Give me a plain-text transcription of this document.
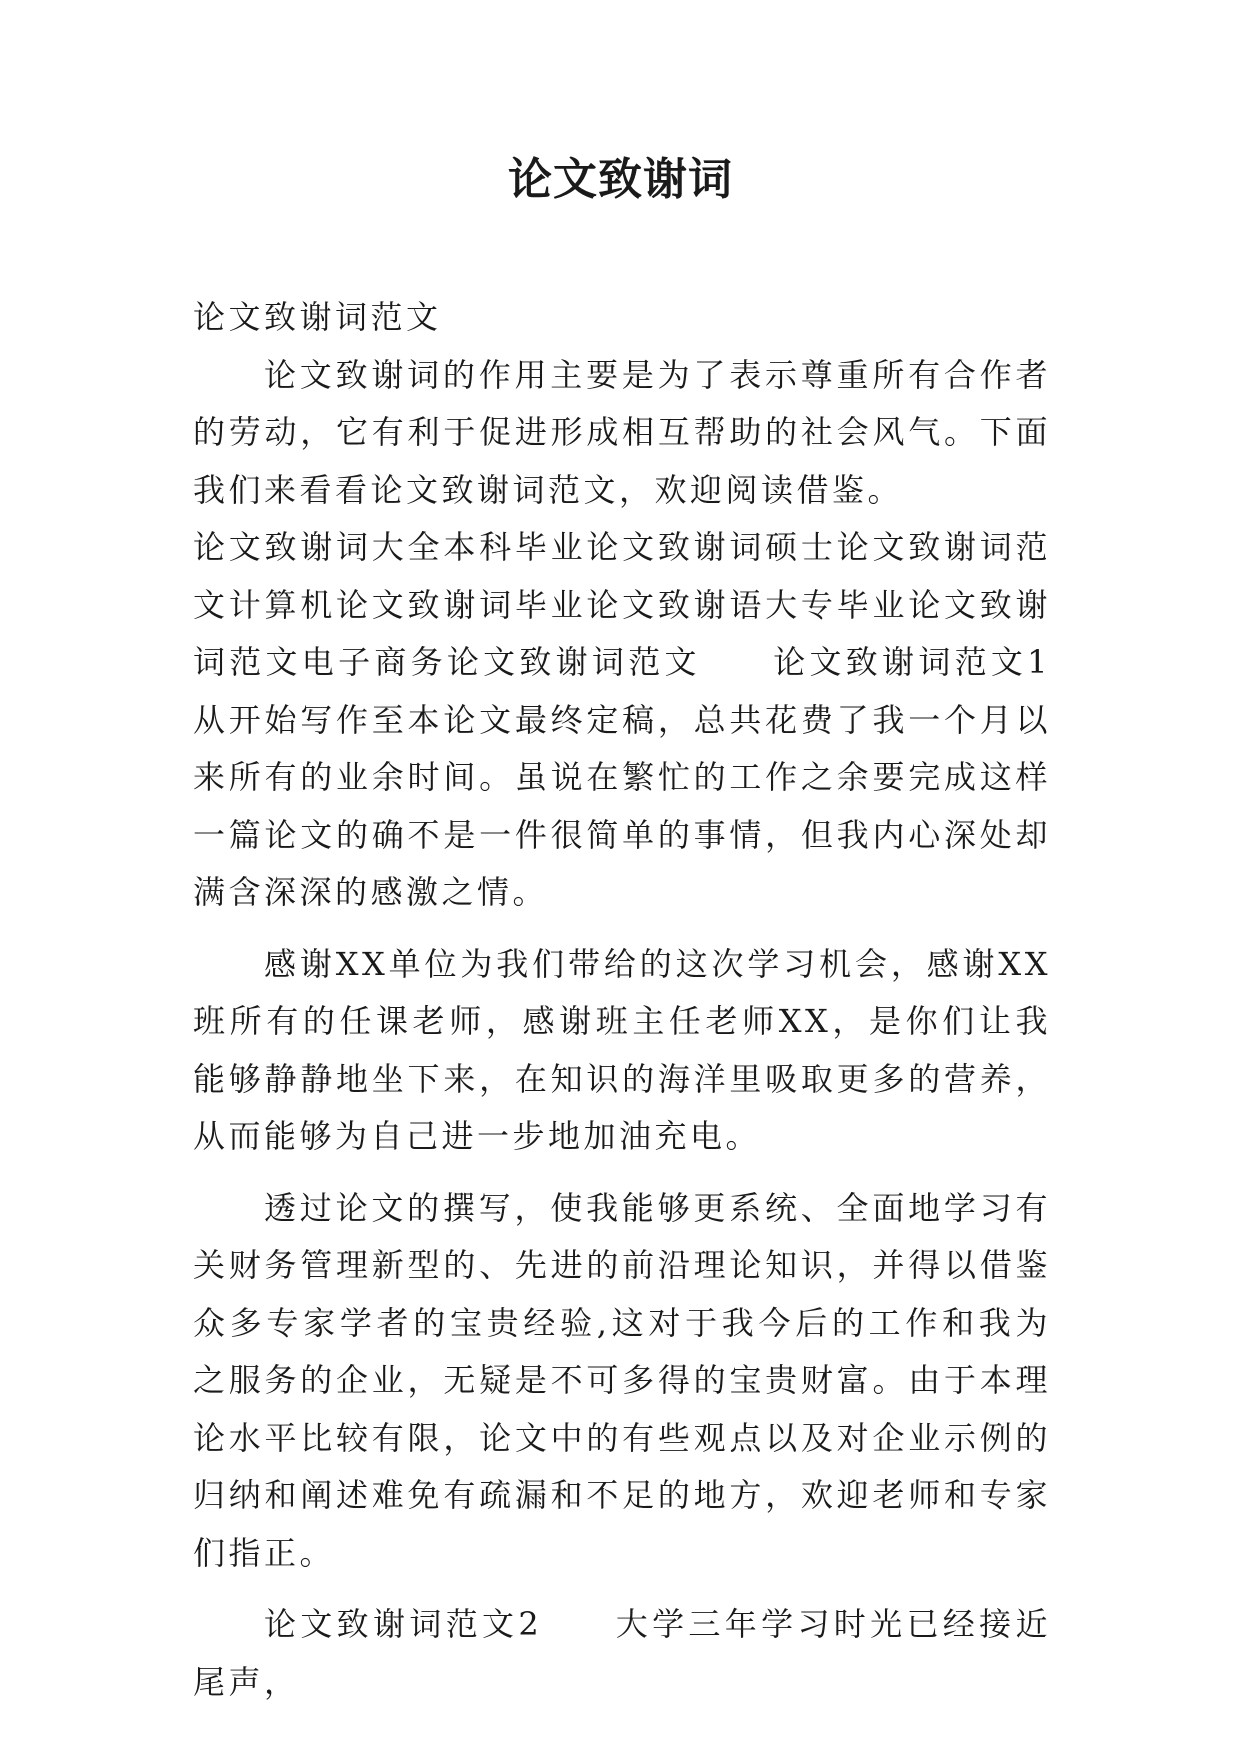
论文致谢词

论文致谢词范文

论文致谢词的作用主要是为了表示尊重所有合作者的劳动，它有利于促进形成相互帮助的社会风气。下面我们来看看论文致谢词范文，欢迎阅读借鉴。

论文致谢词大全本科毕业论文致谢词硕士论文致谢词范文计算机论文致谢词毕业论文致谢语大专毕业论文致谢词范文电子商务论文致谢词范文　　论文致谢词范文1　　从开始写作至本论文最终定稿，总共花费了我一个月以来所有的业余时间。虽说在繁忙的工作之余要完成这样一篇论文的确不是一件很简单的事情，但我内心深处却满含深深的感激之情。

感谢XX单位为我们带给的这次学习机会，感谢XX班所有的任课老师，感谢班主任老师XX，是你们让我能够静静地坐下来，在知识的海洋里吸取更多的营养，从而能够为自己进一步地加油充电。

透过论文的撰写，使我能够更系统、全面地学习有关财务管理新型的、先进的前沿理论知识，并得以借鉴众多专家学者的宝贵经验,这对于我今后的工作和我为之服务的企业，无疑是不可多得的宝贵财富。由于本理论水平比较有限，论文中的有些观点以及对企业示例的归纳和阐述难免有疏漏和不足的地方，欢迎老师和专家们指正。

论文致谢词范文2　　大学三年学习时光已经接近尾声，
